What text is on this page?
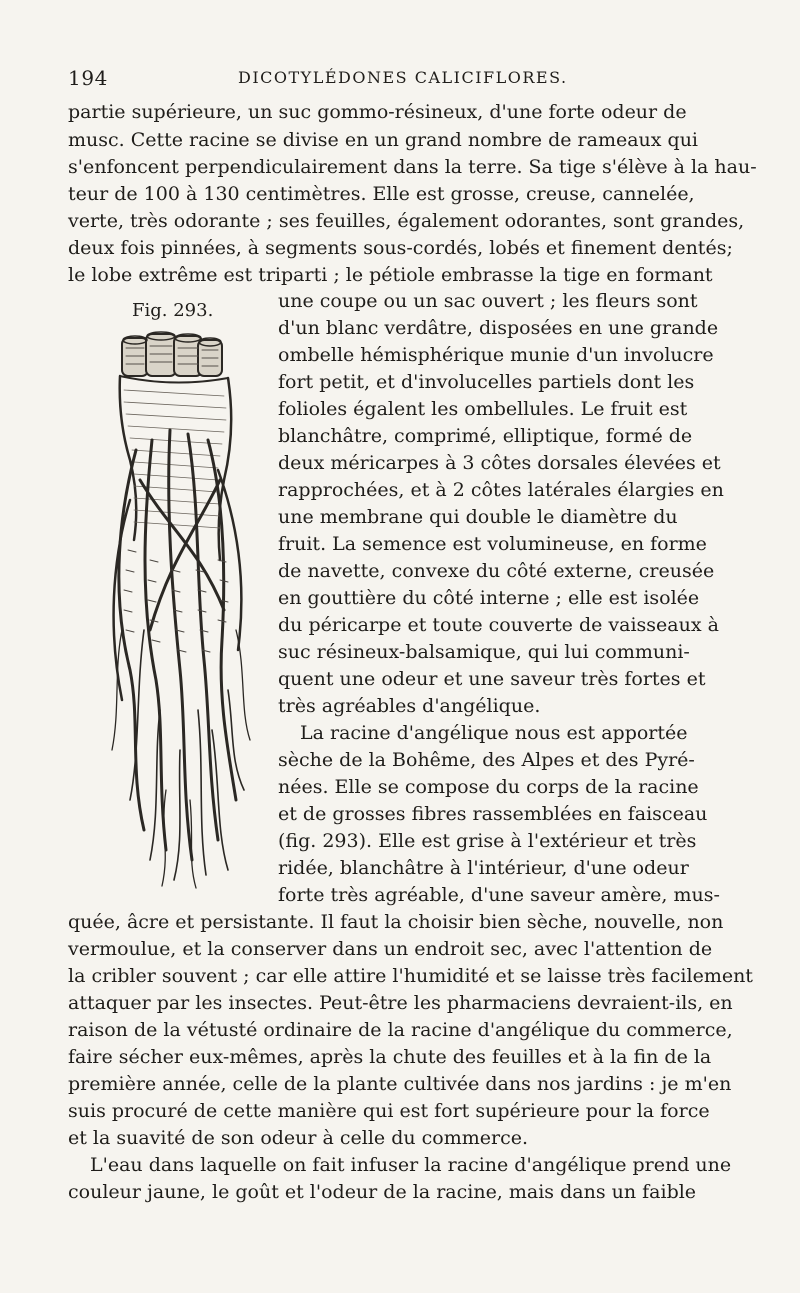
194	DICOTYLÉDONES CALICIFLORES.
partie supérieure, un suc gommo-résineux, d'une forte odeur de
musc. Cette racine se divise en un grand nombre de rameaux qui
s'enfoncent perpendiculairement dans la terre. Sa tige s'élève à la hau-
teur de 100 à 130 centimètres. Elle est grosse, creuse, cannelée,
verte, très odorante ; ses feuilles, également odorantes, sont grandes,
deux fois pinnées, à segments sous-cordés, lobés et finement dentés;
le lobe extrême est triparti ; le pétiole embrasse la tige en formant
une coupe ou un sac ouvert ; les fleurs sont
d'un blanc verdâtre, disposées en une grande
ombelle hémisphérique munie d'un involucre
fort petit, et d'involucelles partiels dont les
folioles égalent les ombellules. Le fruit est
blanchâtre, comprimé, elliptique, formé de
deux méricarpes à 3 côtes dorsales élevées et
rapprochées, et à 2 côtes latérales élargies en
une membrane qui double le diamètre du
fruit. La semence est volumineuse, en forme
de navette, convexe du côté externe, creusée
en gouttière du côté interne ; elle est isolée
du péricarpe et toute couverte de vaisseaux à
suc résineux-balsamique, qui lui communi-
quent une odeur et une saveur très fortes et
très agréables d'angélique.
La racine d'angélique nous est apportée
sèche de la Bohême, des Alpes et des Pyré-
nées. Elle se compose du corps de la racine
et de grosses fibres rassemblées en faisceau
(fig. 293). Elle est grise à l'extérieur et très
ridée, blanchâtre à l'intérieur, d'une odeur
forte très agréable, d'une saveur amère, mus-
quée, âcre et persistante. Il faut la choisir bien sèche, nouvelle, non
vermoulue, et la conserver dans un endroit sec, avec l'attention de
la cribler souvent ; car elle attire l'humidité et se laisse très facilement
attaquer par les insectes. Peut-être les pharmaciens devraient-ils, en
raison de la vétusté ordinaire de la racine d'angélique du commerce,
faire sécher eux-mêmes, après la chute des feuilles et à la fin de la
première année, celle de la plante cultivée dans nos jardins : je m'en
suis procuré de cette manière qui est fort supérieure pour la force
et la suavité de son odeur à celle du commerce.
L'eau dans laquelle on fait infuser la racine d'angélique prend une
couleur jaune, le goût et l'odeur de la racine, mais dans un faible
Fig. 293.
